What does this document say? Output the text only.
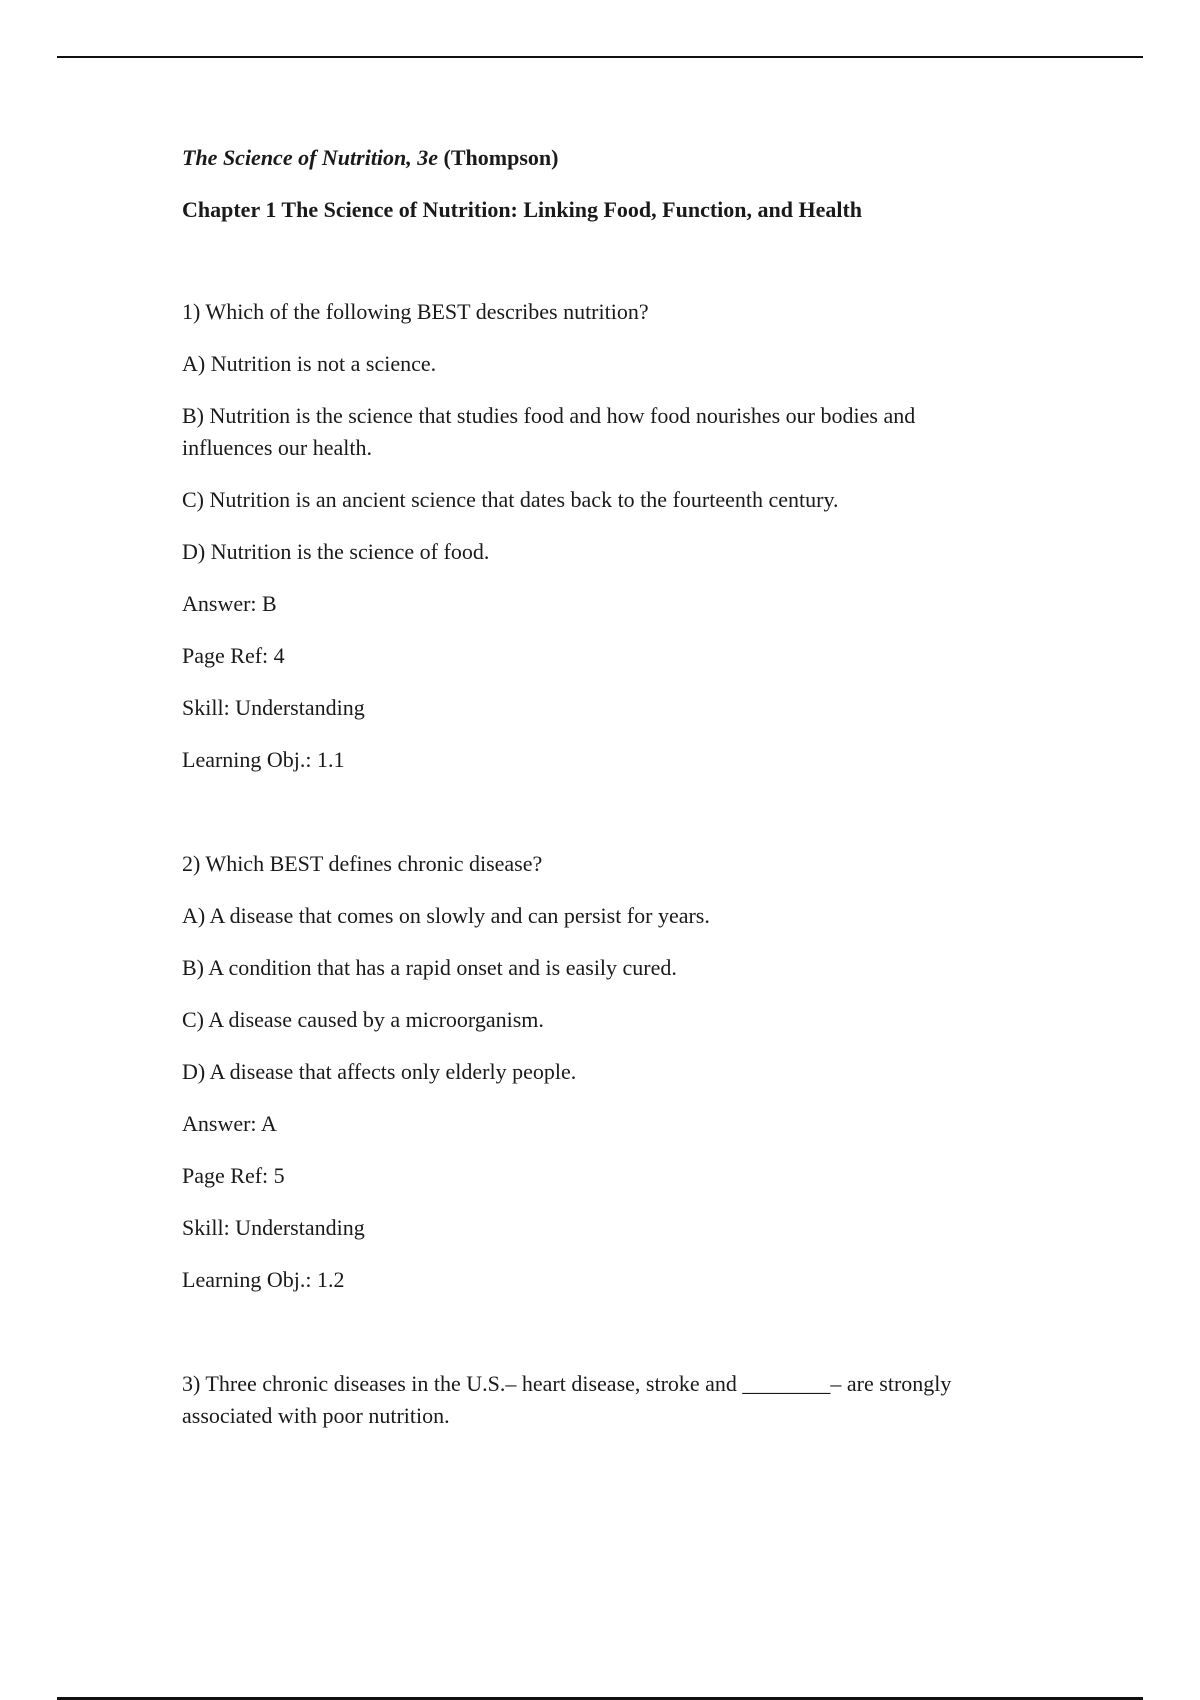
The Science of Nutrition, 3e (Thompson)
Chapter 1 The Science of Nutrition: Linking Food, Function, and Health
1) Which of the following BEST describes nutrition?
A) Nutrition is not a science.
B) Nutrition is the science that studies food and how food nourishes our bodies and influences our health.
C) Nutrition is an ancient science that dates back to the fourteenth century.
D) Nutrition is the science of food.
Answer: B
Page Ref: 4
Skill: Understanding
Learning Obj.: 1.1
2) Which BEST defines chronic disease?
A) A disease that comes on slowly and can persist for years.
B) A condition that has a rapid onset and is easily cured.
C) A disease caused by a microorganism.
D) A disease that affects only elderly people.
Answer: A
Page Ref: 5
Skill: Understanding
Learning Obj.: 1.2
3) Three chronic diseases in the U.S.– heart disease, stroke and ________– are strongly associated with poor nutrition.
